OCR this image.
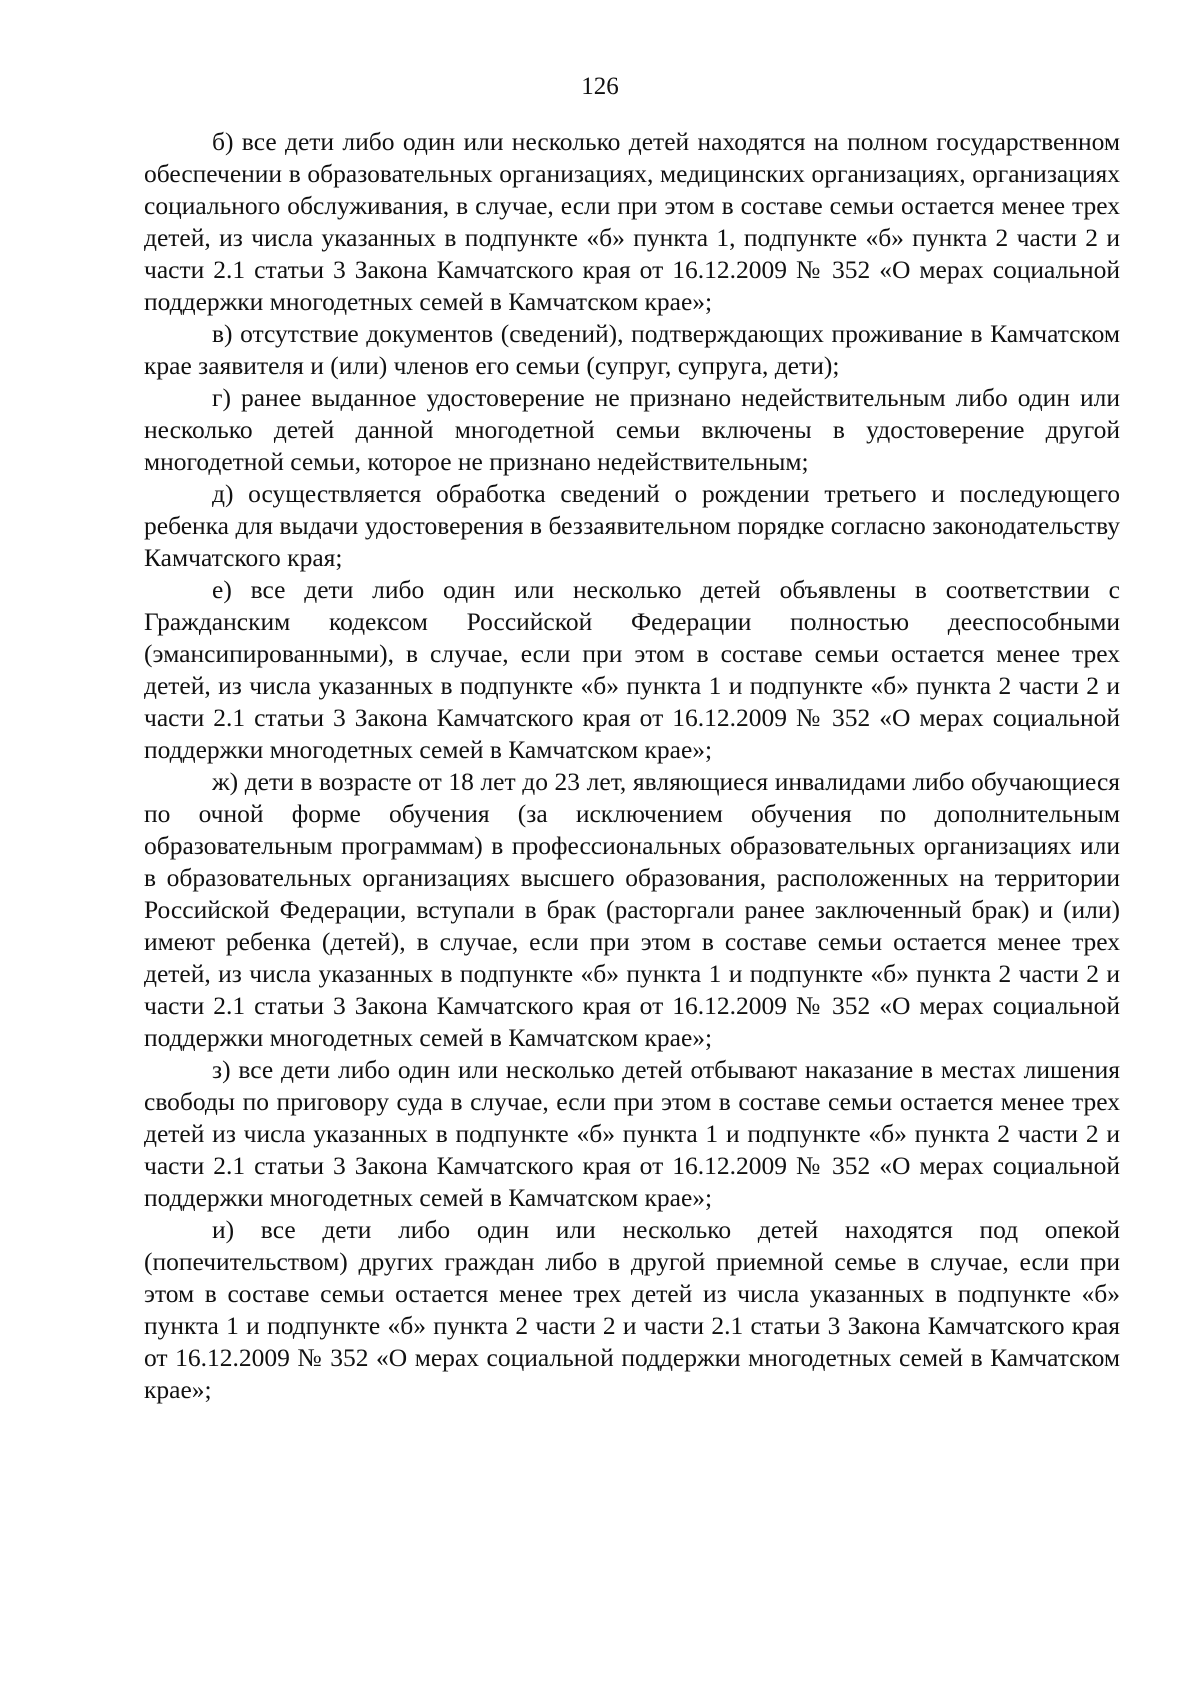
126

б) все дети либо один или несколько детей находятся на полном государственном обеспечении в образовательных организациях, медицинских организациях, организациях социального обслуживания, в случае, если при этом в составе семьи остается менее трех детей, из числа указанных в подпункте «б» пункта 1, подпункте «б» пункта 2 части 2 и части 2.1 статьи 3 Закона Камчатского края от 16.12.2009 № 352 «О мерах социальной поддержки многодетных семей в Камчатском крае»;

в) отсутствие документов (сведений), подтверждающих проживание в Камчатском крае заявителя и (или) членов его семьи (супруг, супруга, дети);

г) ранее выданное удостоверение не признано недействительным либо один или несколько детей данной многодетной семьи включены в удостоверение другой многодетной семьи, которое не признано недействительным;

д) осуществляется обработка сведений о рождении третьего и последующего ребенка для выдачи удостоверения в беззаявительном порядке согласно законодательству Камчатского края;

е) все дети либо один или несколько детей объявлены в соответствии с Гражданским кодексом Российской Федерации полностью дееспособными (эмансипированными), в случае, если при этом в составе семьи остается менее трех детей, из числа указанных в подпункте «б» пункта 1 и подпункте «б» пункта 2 части 2 и части 2.1 статьи 3 Закона Камчатского края от 16.12.2009 № 352 «О мерах социальной поддержки многодетных семей в Камчатском крае»;

ж) дети в возрасте от 18 лет до 23 лет, являющиеся инвалидами либо обучающиеся по очной форме обучения (за исключением обучения по дополнительным образовательным программам) в профессиональных образовательных организациях или в образовательных организациях высшего образования, расположенных на территории Российской Федерации, вступали в брак (расторгали ранее заключенный брак) и (или) имеют ребенка (детей), в случае, если при этом в составе семьи остается менее трех детей, из числа указанных в подпункте «б» пункта 1 и подпункте «б» пункта 2 части 2 и части 2.1 статьи 3 Закона Камчатского края от 16.12.2009 № 352 «О мерах социальной поддержки многодетных семей в Камчатском крае»;

з) все дети либо один или несколько детей отбывают наказание в местах лишения свободы по приговору суда в случае, если при этом в составе семьи остается менее трех детей из числа указанных в подпункте «б» пункта 1 и подпункте «б» пункта 2 части 2 и части 2.1 статьи 3 Закона Камчатского края от 16.12.2009 № 352 «О мерах социальной поддержки многодетных семей в Камчатском крае»;

и) все дети либо один или несколько детей находятся под опекой (попечительством) других граждан либо в другой приемной семье в случае, если при этом в составе семьи остается менее трех детей из числа указанных в подпункте «б» пункта 1 и подпункте «б» пункта 2 части 2 и части 2.1 статьи 3 Закона Камчатского края от 16.12.2009 № 352 «О мерах социальной поддержки многодетных семей в Камчатском крае»;
